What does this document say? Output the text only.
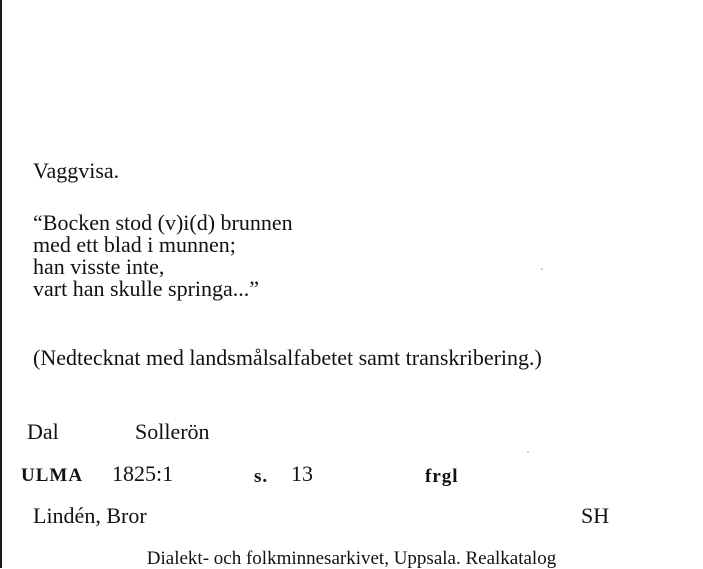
Vaggvisa.
“Bocken stod (v)i(d) brunnen
med ett blad i munnen;
han visste inte,
vart han skulle springa...”
(Nedtecknat med landsmålsalfabetet samt transkribering.)
Dal	Sollerön
ULMA 1825:1	s. 13	frgl
Lindén, Bror	SH
Dialekt- och folkminnesarkivet, Uppsala. Realkatalog
